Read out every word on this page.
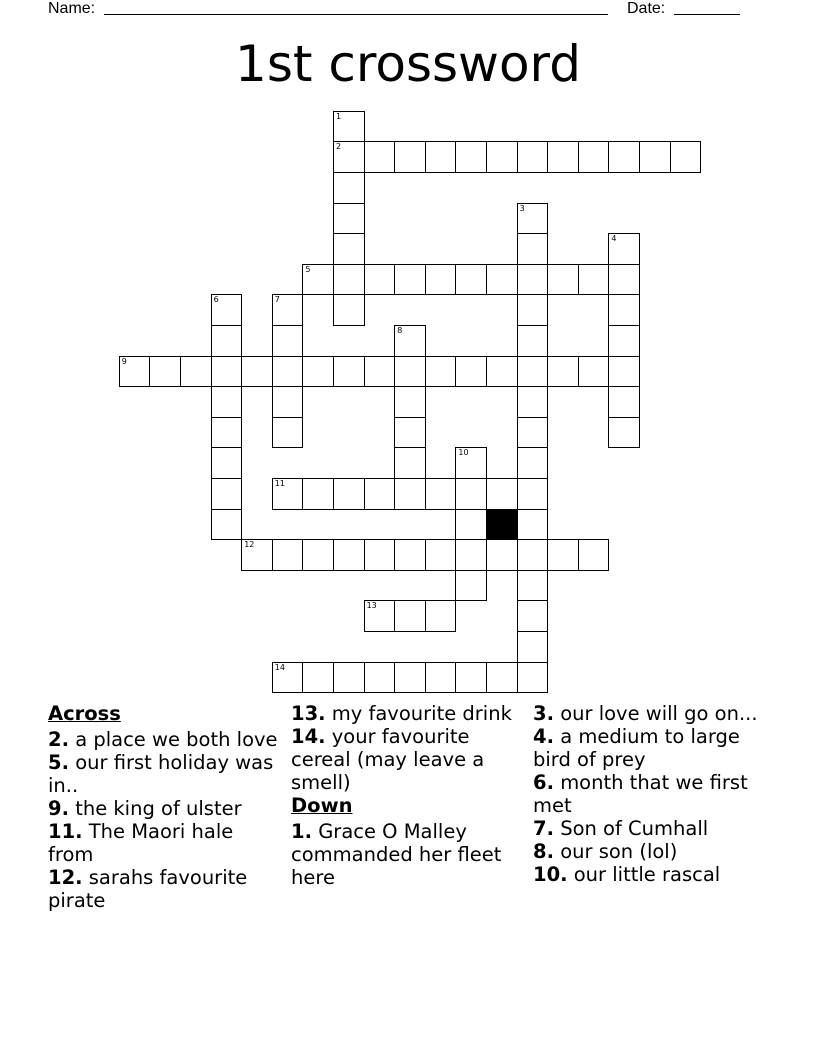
Name:	Date:
1st crossword
1
2
5
3
4
6	7
8
9
10
11
12
13
14
Across
2. a place we both love
5. our first holiday was in..
9. the king of ulster
11. The Maori hale from
12. sarahs favourite pirate
13. my favourite drink
14. your favourite cereal (may leave a smell)
Down
1. Grace O Malley commanded her fleet here
3. our love will go on...
4. a medium to large bird of prey
6. month that we first met
7. Son of Cumhall
8. our son (lol)
10. our little rascal
